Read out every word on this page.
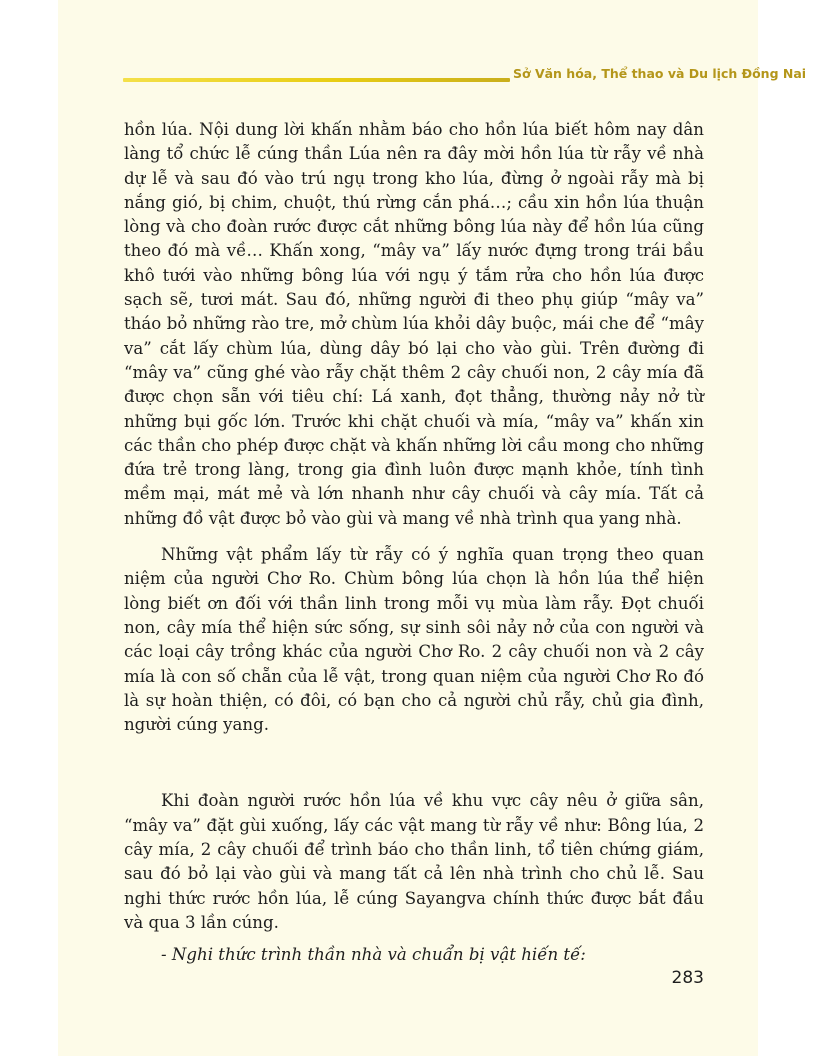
Sở Văn hóa, Thể thao và Du lịch Đồng Nai

hồn lúa. Nội dung lời khấn nhằm báo cho hồn lúa biết hôm nay dân làng tổ chức lễ cúng thần Lúa nên ra đây mời hồn lúa từ rẫy về nhà dự lễ và sau đó vào trú ngụ trong kho lúa, đừng ở ngoài rẫy mà bị nắng gió, bị chim, chuột, thú rừng cắn phá…; cầu xin hồn lúa thuận lòng và cho đoàn rước được cắt những bông lúa này để hồn lúa cũng theo đó mà về… Khấn xong, “mây va” lấy nước đựng trong trái bầu khô tưới vào những bông lúa với ngụ ý tắm rửa cho hồn lúa được sạch sẽ, tươi mát. Sau đó, những người đi theo phụ giúp “mây va” tháo bỏ những rào tre, mở chùm lúa khỏi dây buộc, mái che để “mây va” cắt lấy chùm lúa, dùng dây bó lại cho vào gùi. Trên đường đi “mây va” cũng ghé vào rẫy chặt thêm 2 cây chuối non, 2 cây mía đã được chọn sẵn với tiêu chí: Lá xanh, đọt thẳng, thường nảy nở từ những bụi gốc lớn. Trước khi chặt chuối và mía, “mây va” khấn xin các thần cho phép được chặt và khấn những lời cầu mong cho những đứa trẻ trong làng, trong gia đình luôn được mạnh khỏe, tính tình mềm mại, mát mẻ và lớn nhanh như cây chuối và cây mía. Tất cả những đồ vật được bỏ vào gùi và mang về nhà trình qua yang nhà.

Những vật phẩm lấy từ rẫy có ý nghĩa quan trọng theo quan niệm của người Chơ Ro. Chùm bông lúa chọn là hồn lúa thể hiện lòng biết ơn đối với thần linh trong mỗi vụ mùa làm rẫy. Đọt chuối non, cây mía thể hiện sức sống, sự sinh sôi nảy nở của con người và các loại cây trồng khác của người Chơ Ro. 2 cây chuối non và 2 cây mía là con số chẵn của lễ vật, trong quan niệm của người Chơ Ro đó là sự hoàn thiện, có đôi, có bạn cho cả người chủ rẫy, chủ gia đình, người cúng yang.

Khi đoàn người rước hồn lúa về khu vực cây nêu ở giữa sân, “mây va” đặt gùi xuống, lấy các vật mang từ rẫy về như: Bông lúa, 2 cây mía, 2 cây chuối để trình báo cho thần linh, tổ tiên chứng giám, sau đó bỏ lại vào gùi và mang tất cả lên nhà trình cho chủ lễ. Sau nghi thức rước hồn lúa, lễ cúng Sayangva chính thức được bắt đầu và qua 3 lần cúng.

- Nghi thức trình thần nhà và chuẩn bị vật hiến tế:

283
